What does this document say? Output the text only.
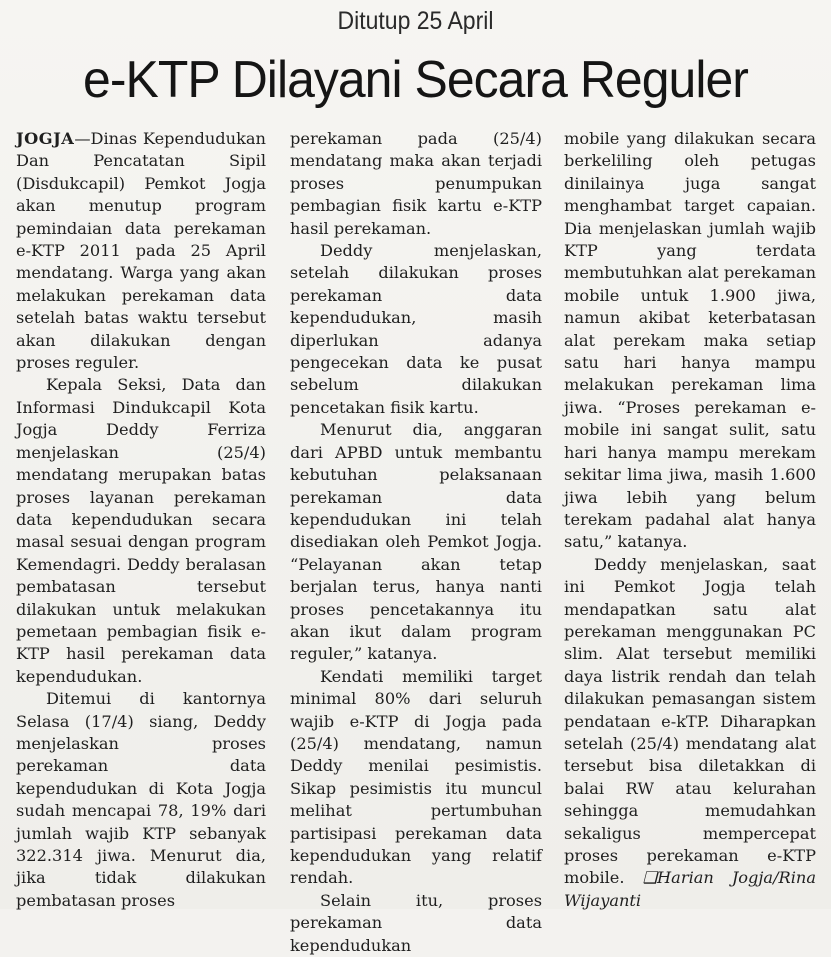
Ditutup 25 April
e-KTP Dilayani Secara Reguler

JOGJA—Dinas Kependudukan Dan Pencatatan Sipil (Disdukcapil) Pemkot Jogja akan menutup program pemindaian data perekaman e-KTP 2011 pada 25 April mendatang. Warga yang akan melakukan perekaman data setelah batas waktu tersebut akan dilakukan dengan proses reguler.

Kepala Seksi, Data dan Informasi Dindukcapil Kota Jogja Deddy Ferriza menjelaskan (25/4) mendatang merupakan batas proses layanan perekaman data kependudukan secara masal sesuai dengan program Kemendagri. Deddy beralasan pembatasan tersebut dilakukan untuk melakukan pemetaan pembagian fisik e-KTP hasil perekaman data kependudukan.

Ditemui di kantornya Selasa (17/4) siang, Deddy menjelaskan proses perekaman data kependudukan di Kota Jogja sudah mencapai 78, 19% dari jumlah wajib KTP sebanyak 322.314 jiwa. Menurut dia, jika tidak dilakukan pembatasan proses

perekaman pada (25/4) mendatang maka akan terjadi proses penumpukan pembagian fisik kartu e-KTP hasil perekaman.

Deddy menjelaskan, setelah dilakukan proses perekaman data kependudukan, masih diperlukan adanya pengecekan data ke pusat sebelum dilakukan pencetakan fisik kartu.

Menurut dia, anggaran dari APBD untuk membantu kebutuhan pelaksanaan perekaman data kependudukan ini telah disediakan oleh Pemkot Jogja. “Pelayanan akan tetap berjalan terus, hanya nanti proses pencetakannya itu akan ikut dalam program reguler,” katanya.

Kendati memiliki target minimal 80% dari seluruh wajib e-KTP di Jogja pada (25/4) mendatang, namun Deddy menilai pesimistis. Sikap pesimistis itu muncul melihat pertumbuhan partisipasi perekaman data kependudukan yang relatif rendah.

Selain itu, proses perekaman data kependudukan

mobile yang dilakukan secara berkeliling oleh petugas dinilainya juga sangat menghambat target capaian. Dia menjelaskan jumlah wajib KTP yang terdata membutuhkan alat perekaman mobile untuk 1.900 jiwa, namun akibat keterbatasan alat perekam maka setiap satu hari hanya mampu melakukan perekaman lima jiwa. “Proses perekaman e-mobile ini sangat sulit, satu hari hanya mampu merekam sekitar lima jiwa, masih 1.600 jiwa lebih yang belum terekam padahal alat hanya satu,” katanya.

Deddy menjelaskan, saat ini Pemkot Jogja telah mendapatkan satu alat perekaman menggunakan PC slim. Alat tersebut memiliki daya listrik rendah dan telah dilakukan pemasangan sistem pendataan e-kTP. Diharapkan setelah (25/4) mendatang alat tersebut bisa diletakkan di balai RW atau kelurahan sehingga memudahkan sekaligus mempercepat proses perekaman e-KTP mobile. ❑Harian Jogja/Rina Wijayanti
